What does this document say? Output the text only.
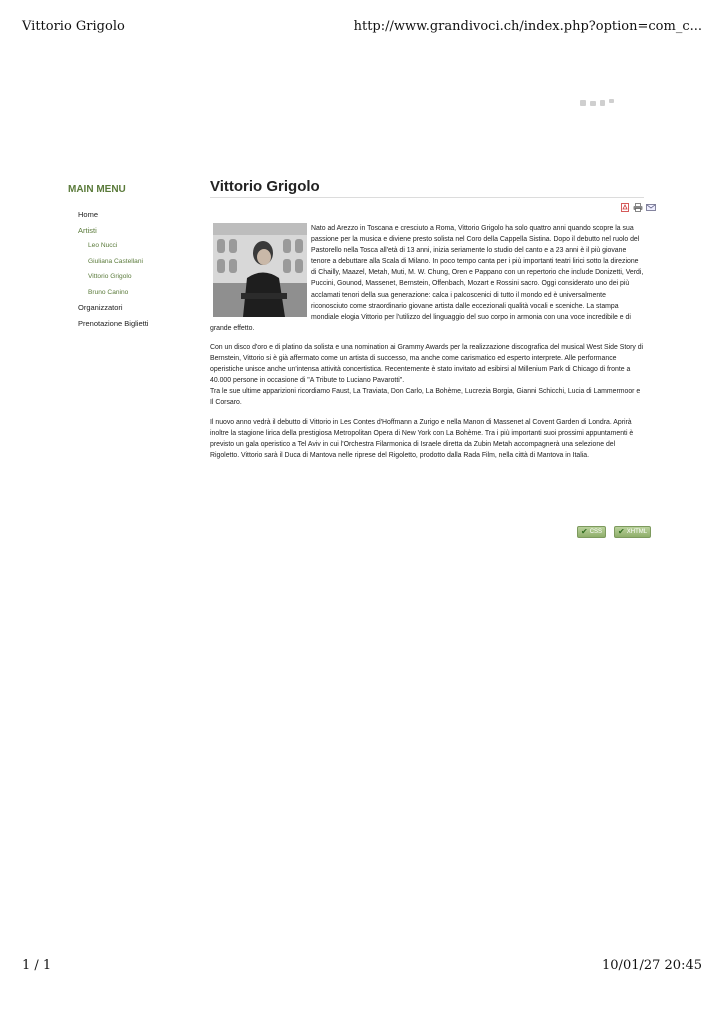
Vittorio Grigolo	http://www.grandivoci.ch/index.php?option=com_c...
MAIN MENU
Home
Artisti
Leo Nucci
Giuliana Castellani
Vittorio Grigolo
Bruno Canino
Organizzatori
Prenotazione Biglietti
Vittorio Grigolo

Nato ad Arezzo in Toscana e cresciuto a Roma, Vittorio Grigolo ha solo quattro anni quando scopre la sua passione per la musica e diviene presto solista nel Coro della Cappella Sistina. Dopo il debutto nel ruolo del Pastorello nella Tosca all'età di 13 anni, inizia seriamente lo studio del canto e a 23 anni è il più giovane tenore a debuttare alla Scala di Milano. In poco tempo canta per i più importanti teatri lirici sotto la direzione di Chailly, Maazel, Metah, Muti, M. W. Chung, Oren e Pappano con un repertorio che include Donizetti, Verdi, Puccini, Gounod, Massenet, Bernstein, Offenbach, Mozart e Rossini sacro. Oggi considerato uno dei più acclamati tenori della sua generazione: calca i palcoscenici di tutto il mondo ed è universalmente riconosciuto come straordinario giovane artista dalle eccezionali qualità vocali e sceniche. La stampa mondiale elogia Vittorio per l'utilizzo del linguaggio del suo corpo in armonia con una voce incredibile e di grande effetto.

Con un disco d'oro e di platino da solista e una nomination ai Grammy Awards per la realizzazione discografica del musical West Side Story di Bernstein, Vittorio si è già affermato come un artista di successo, ma anche come carismatico ed esperto interprete. Alle performance operistiche unisce anche un'intensa attività concertistica. Recentemente è stato invitato ad esibirsi al Millenium Park di Chicago di fronte a 40.000 persone in occasione di "A Tribute to Luciano Pavarotti".
Tra le sue ultime apparizioni ricordiamo Faust, La Traviata, Don Carlo, La Bohème, Lucrezia Borgia, Gianni Schicchi, Lucia di Lammermoor e Il Corsaro.

Il nuovo anno vedrà il debutto di Vittorio in Les Contes d'Hoffmann a Zurigo e nella Manon di Massenet al Covent Garden di Londra. Aprirà inoltre la stagione lirica della prestigiosa Metropolitan Opera di New York con La Bohème. Tra i più importanti suoi prossimi appuntamenti è previsto un gala operistico a Tel Aviv in cui l'Orchestra Filarmonica di Israele diretta da Zubin Metah accompagnerà una selezione del Rigoletto. Vittorio sarà il Duca di Mantova nelle riprese del Rigoletto, prodotto dalla Rada Film, nella città di Mantova in Italia.

✔ CSS ✔ XHTML
1 / 1	10/01/27 20:45
